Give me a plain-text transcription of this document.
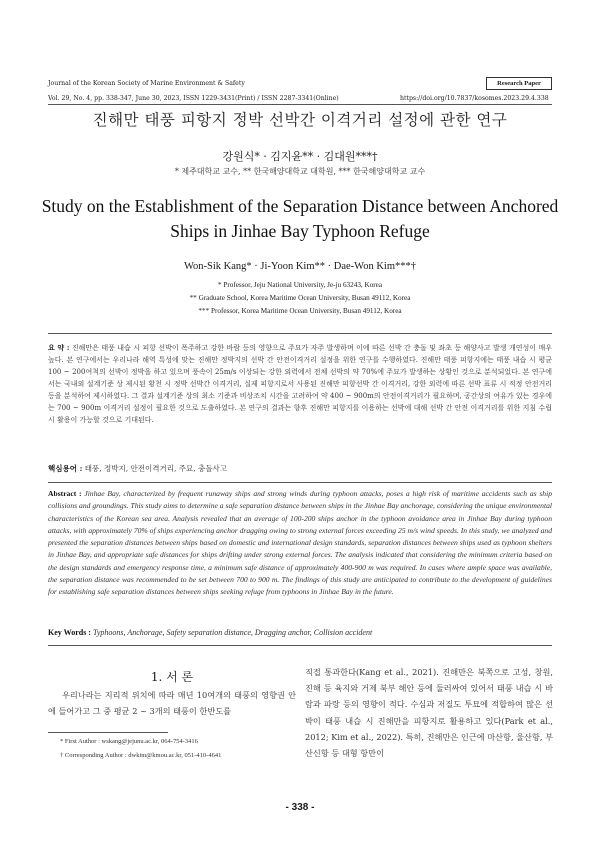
Journal of the Korean Society of Marine Environment & Safety
Vol. 29, No. 4, pp. 338-347, June 30, 2023, ISSN 1229-3431(Print) / ISSN 2287-3341(Online)
Research Paper
https://doi.org/10.7837/kosomes.2023.29.4.338
진해만 태풍 피항지 정박 선박간 이격거리 설정에 관한 연구
강원식* · 김지윤** · 김대원***†
* 제주대학교 교수, ** 한국해양대학교 대학원, *** 한국해양대학교 교수
Study on the Establishment of the Separation Distance between Anchored
Ships in Jinhae Bay Typhoon Refuge
Won-Sik Kang* · Ji-Yoon Kim** · Dae-Won Kim***†
* Professor, Jeju National University, Je-ju 63243, Korea
** Graduate School, Korea Maritime Ocean University, Busan 49112, Korea
*** Professor, Korea Maritime Ocean University, Busan 49112, Korea
요 약 : 진해만은 태풍 내습 시 피항 선박이 폭주하고 강한 바람 등의 영향으로 주묘가 자주 발생하며 이에 따른 선박 간 충돌 및 좌초 등 해양사고 발생 개연성이 매우 높다. 본 연구에서는 우리나라 해역 특성에 맞는 진해만 정박지의 선박 간 안전이격거리 설정을 위한 연구를 수행하였다. 진해만 태풍 피항지에는 태풍 내습 시 평균 100 ~ 200여척의 선박이 정박을 하고 있으며 풍속이 25m/s 이상되는 강한 외력에서 전체 선박의 약 70%에 주묘가 발생하는 상황인 것으로 분석되었다. 본 연구에서는 국내외 설계기준 상 제시된 황천 시 정박 선박간 이격거리, 실제 피항지로서 사용된 진해만 피항선박 간 이격거리, 강한 외력에 따른 선박 표류 시 적정 안전거리 등을 분석하여 제시하였다. 그 결과 설계기준 상의 최소 기준과 비상조치 시간을 고려하여 약 400 ~ 900m의 안전이격거리가 필요하며, 공간상의 여유가 있는 경우에는 700 ~ 900m 이격거리 설정이 필요한 것으로 도출하였다. 본 연구의 결과는 향후 진해만 피항지를 이용하는 선박에 대해 선박 간 안전 이격거리를 위한 지침 수립 시 활용이 가능할 것으로 기대된다.
핵심용어 : 태풍, 정박지, 안전이격거리, 주묘, 충돌사고
Abstract : Jinhae Bay, characterized by frequent runaway ships and strong winds during typhoon attacks, poses a high risk of maritime accidents such as ship collisions and groundings. This study aims to determine a safe separation distance between ships in the Jinhae Bay anchorage, considering the unique environmental characteristics of the Korean sea area. Analysis revealed that an average of 100-200 ships anchor in the typhoon avoidance area in Jinhae Bay during typhoon attacks, with approximately 70% of ships experiencing anchor dragging owing to strong external forces exceeding 25 m/s wind speeds. In this study, we analyzed and presented the separation distances between ships based on domestic and international design standards, separation distances between ships used as typhoon shelters in Jinhae Bay, and appropriate safe distances for ships drifting under strong external forces. The analysis indicated that considering the minimum criteria based on the design standards and emergency response time, a minimum safe distance of approximately 400-900 m was required. In cases where ample space was available, the separation distance was recommended to be set between 700 to 900 m. The findings of this study are anticipated to contribute to the development of guidelines for establishing safe separation distances between ships seeking refuge from typhoons in Jinhae Bay in the future.
Key Words : Typhoons, Anchorage, Safety separation distance, Dragging anchor, Collision accident
1. 서 론
우리나라는 지리적 위치에 따라 매년 10여개의 태풍의 영향권 안에 들어가고 그 중 평균 2 ~ 3개의 태풍이 한반도를
* First Author : wskang@jejunu.ac.kr, 064-754-3416
† Corresponding Author : dwkim@kmou.ac.kr, 051-410-4641
직접 통과한다(Kang et al., 2021). 진해만은 북쪽으로 고성, 창원, 진해 등 육지와 거제 북부 해안 등에 둘러싸여 있어서 태풍 내습 시 바람과 파랑 등의 영향이 적다. 수심과 저질도 투묘에 적합하여 많은 선박이 태풍 내습 시 진해만을 피항지로 활용하고 있다(Park et al., 2012; Kim et al., 2022). 특히, 진해만은 인근에 마산항, 울산항, 부산신항 등 대형 항만이
- 338 -
